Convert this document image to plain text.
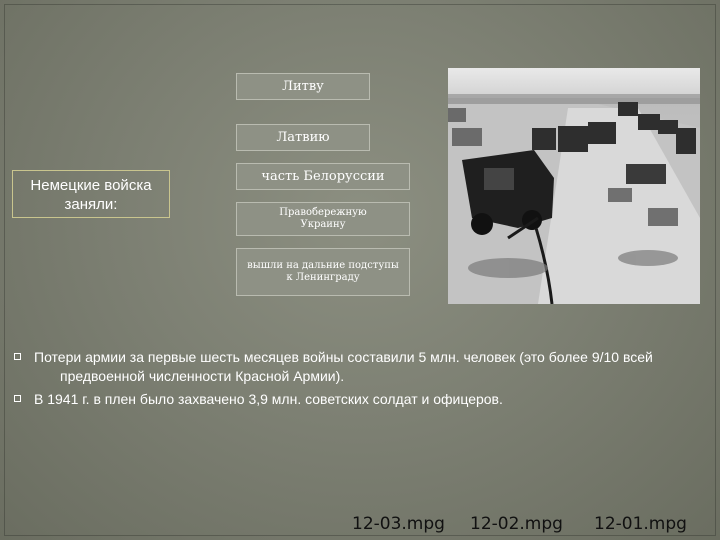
Литву
Латвию
часть Белоруссии
Правобережную Украину
вышли на дальние подступы к Ленинграду
Немецкие войска заняли:
Потери армии за первые шесть месяцев войны составили 5 млн. человек (это более 9/10 всей
предвоенной численности Красной Армии).
В 1941 г. в плен было захвачено 3,9 млн. советских солдат и офицеров.
12-03.mpg 12-02.mpg 12-01.mpg
